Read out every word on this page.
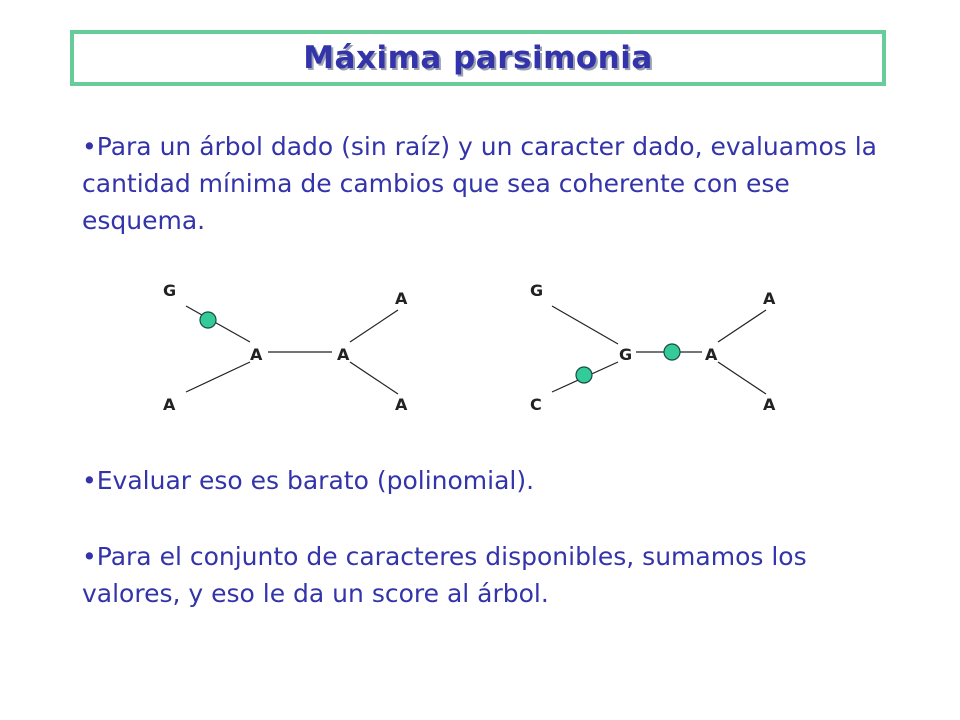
Máxima parsimonia
•Para un árbol dado (sin raíz) y un caracter dado, evaluamos la cantidad mínima de cambios que sea coherente con ese esquema.
G
A
A
A
A	A
G
C
A
A
G	A
•Evaluar eso es barato (polinomial).
•Para el conjunto de caracteres disponibles, sumamos los valores, y eso le da un score al árbol.
